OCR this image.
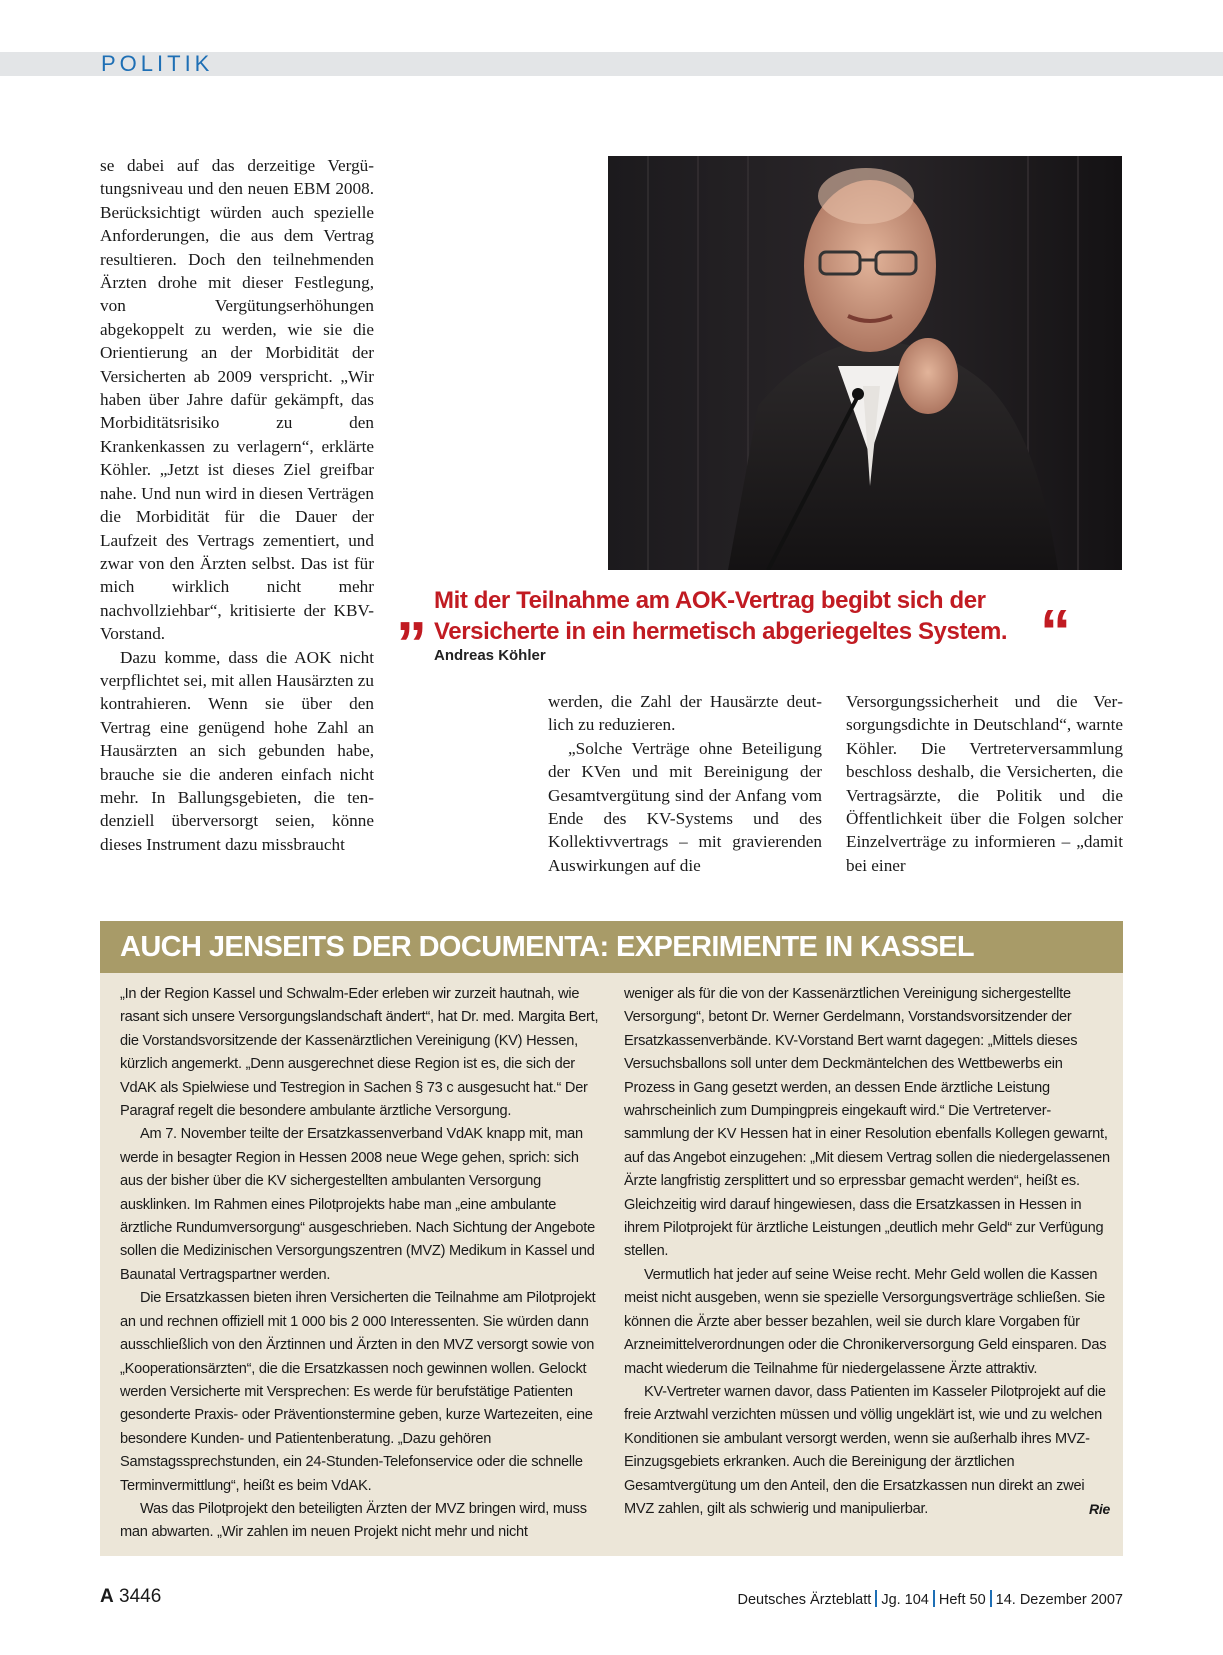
POLITIK

se dabei auf das derzeitige Vergütungsniveau und den neuen EBM 2008. Berücksichtigt würden auch spezielle Anforderungen, die aus dem Vertrag resultieren. Doch den teilnehmenden Ärzten drohe mit dieser Festlegung, von Vergütungserhöhungen abgekoppelt zu werden, wie sie die Orientierung an der Morbidität der Versicherten ab 2009 verspricht. „Wir haben über Jahre dafür gekämpft, das Morbiditätsrisiko zu den Krankenkassen zu verlagern“, erklärte Köhler. „Jetzt ist dieses Ziel greifbar nahe. Und nun wird in diesen Verträgen die Morbidität für die Dauer der Laufzeit des Vertrags zementiert, und zwar von den Ärzten selbst. Das ist für mich wirklich nicht mehr nachvollziehbar“, kritisierte der KBV-Vorstand.

Dazu komme, dass die AOK nicht verpflichtet sei, mit allen Hausärzten zu kontrahieren. Wenn sie über den Vertrag eine genügend hohe Zahl an Hausärzten an sich gebunden habe, brauche sie die anderen einfach nicht mehr. In Ballungsgebieten, die tendenziell überversorgt seien, könne dieses Instrument dazu missbraucht

„ Mit der Teilnahme am AOK-Vertrag begibt sich der Versicherte in ein hermetisch abgeriegeltes System. “
Andreas Köhler

werden, die Zahl der Hausärzte deutlich zu reduzieren.

„Solche Verträge ohne Beteiligung der KVen und mit Bereinigung der Gesamtvergütung sind der Anfang vom Ende des KV-Systems und des Kollektivvertrags – mit gravierenden Auswirkungen auf die

Versorgungssicherheit und die Versorgungsdichte in Deutschland“, warnte Köhler. Die Vertreterversammlung beschloss deshalb, die Versicherten, die Vertragsärzte, die Politik und die Öffentlichkeit über die Folgen solcher Einzelverträge zu informieren – „damit bei einer

AUCH JENSEITS DER DOCUMENTA: EXPERIMENTE IN KASSEL

„In der Region Kassel und Schwalm-Eder erleben wir zurzeit hautnah, wie rasant sich unsere Versorgungslandschaft ändert“, hat Dr. med. Margita Bert, die Vorstandsvorsitzende der Kassenärztlichen Vereinigung (KV) Hessen, kürzlich angemerkt. „Denn ausgerechnet diese Region ist es, die sich der VdAK als Spielwiese und Testregion in Sachen § 73 c ausgesucht hat.“ Der Paragraf regelt die besondere ambulante ärztliche Versorgung.

Am 7. November teilte der Ersatzkassenverband VdAK knapp mit, man werde in besagter Region in Hessen 2008 neue Wege gehen, sprich: sich aus der bisher über die KV sichergestellten ambulanten Versorgung ausklinken. Im Rahmen eines Pilotprojekts habe man „eine ambulante ärztliche Rundumversorgung“ ausgeschrieben. Nach Sichtung der Angebote sollen die Medizinischen Versorgungszentren (MVZ) Medikum in Kassel und Baunatal Vertragspartner werden.

Die Ersatzkassen bieten ihren Versicherten die Teilnahme am Pilotprojekt an und rechnen offiziell mit 1 000 bis 2 000 Interessenten. Sie würden dann ausschließlich von den Ärztinnen und Ärzten in den MVZ versorgt sowie von „Kooperationsärzten“, die die Ersatzkassen noch gewinnen wollen. Gelockt werden Versicherte mit Versprechen: Es werde für berufstätige Patienten gesonderte Praxis- oder Präventionstermine geben, kurze Wartezeiten, eine besondere Kunden- und Patientenberatung. „Dazu gehören Samstagssprechstunden, ein 24-Stunden-Telefonservice oder die schnelle Terminvermittlung“, heißt es beim VdAK.

Was das Pilotprojekt den beteiligten Ärzten der MVZ bringen wird, muss man abwarten. „Wir zahlen im neuen Projekt nicht mehr und nicht

weniger als für die von der Kassenärztlichen Vereinigung sichergestellte Versorgung“, betont Dr. Werner Gerdelmann, Vorstandsvorsitzender der Ersatzkassenverbände. KV-Vorstand Bert warnt dagegen: „Mittels dieses Versuchsballons soll unter dem Deckmäntelchen des Wettbewerbs ein Prozess in Gang gesetzt werden, an dessen Ende ärztliche Leistung wahrscheinlich zum Dumpingpreis eingekauft wird.“ Die Vertreterversammlung der KV Hessen hat in einer Resolution ebenfalls Kollegen gewarnt, auf das Angebot einzugehen: „Mit diesem Vertrag sollen die niedergelassenen Ärzte langfristig zersplittert und so erpressbar gemacht werden“, heißt es. Gleichzeitig wird darauf hingewiesen, dass die Ersatzkassen in Hessen in ihrem Pilotprojekt für ärztliche Leistungen „deutlich mehr Geld“ zur Verfügung stellen.

Vermutlich hat jeder auf seine Weise recht. Mehr Geld wollen die Kassen meist nicht ausgeben, wenn sie spezielle Versorgungsverträge schließen. Sie können die Ärzte aber besser bezahlen, weil sie durch klare Vorgaben für Arzneimittelverordnungen oder die Chronikerversorgung Geld einsparen. Das macht wiederum die Teilnahme für niedergelassene Ärzte attraktiv.

KV-Vertreter warnen davor, dass Patienten im Kasseler Pilotprojekt auf die freie Arztwahl verzichten müssen und völlig ungeklärt ist, wie und zu welchen Konditionen sie ambulant versorgt werden, wenn sie außerhalb ihres MVZ-Einzugsgebiets erkranken. Auch die Bereinigung der ärztlichen Gesamtvergütung um den Anteil, den die Ersatzkassen nun direkt an zwei MVZ zahlen, gilt als schwierig und manipulierbar.	Rie

A 3446	Deutsches Ärzteblatt Jg. 104 Heft 50 14. Dezember 2007
